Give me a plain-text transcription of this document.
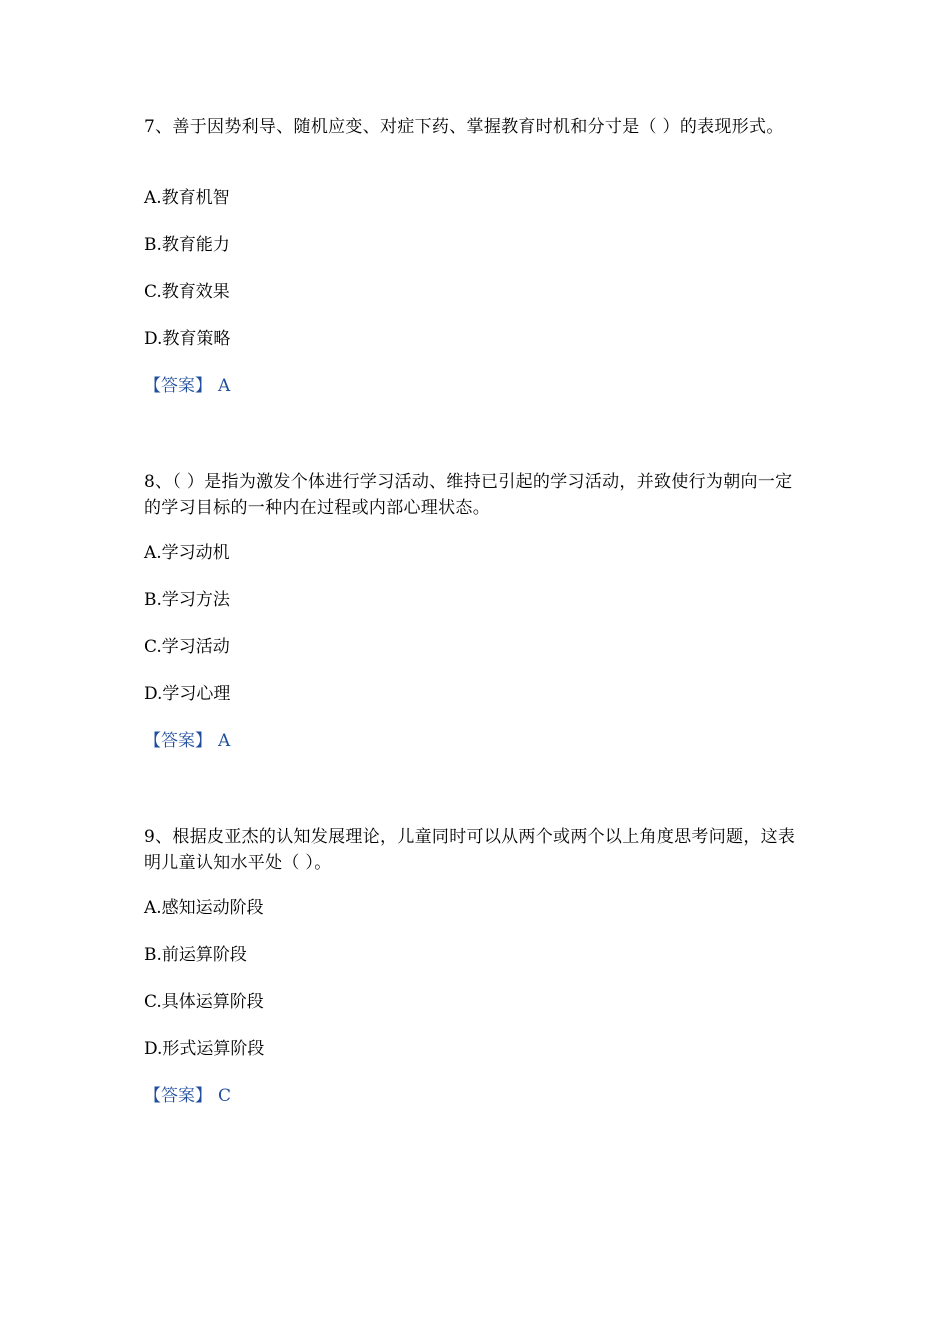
7、善于因势利导、随机应变、对症下药、掌握教育时机和分寸是（ ）的表现形式。

A.教育机智

B.教育能力

C.教育效果

D.教育策略

【答案】 A

8、（ ）是指为激发个体进行学习活动、维持已引起的学习活动，并致使行为朝向一定的学习目标的一种内在过程或内部心理状态。

A.学习动机

B.学习方法

C.学习活动

D.学习心理

【答案】 A

9、根据皮亚杰的认知发展理论，儿童同时可以从两个或两个以上角度思考问题，这表明儿童认知水平处（ ）。

A.感知运动阶段

B.前运算阶段

C.具体运算阶段

D.形式运算阶段

【答案】 C
